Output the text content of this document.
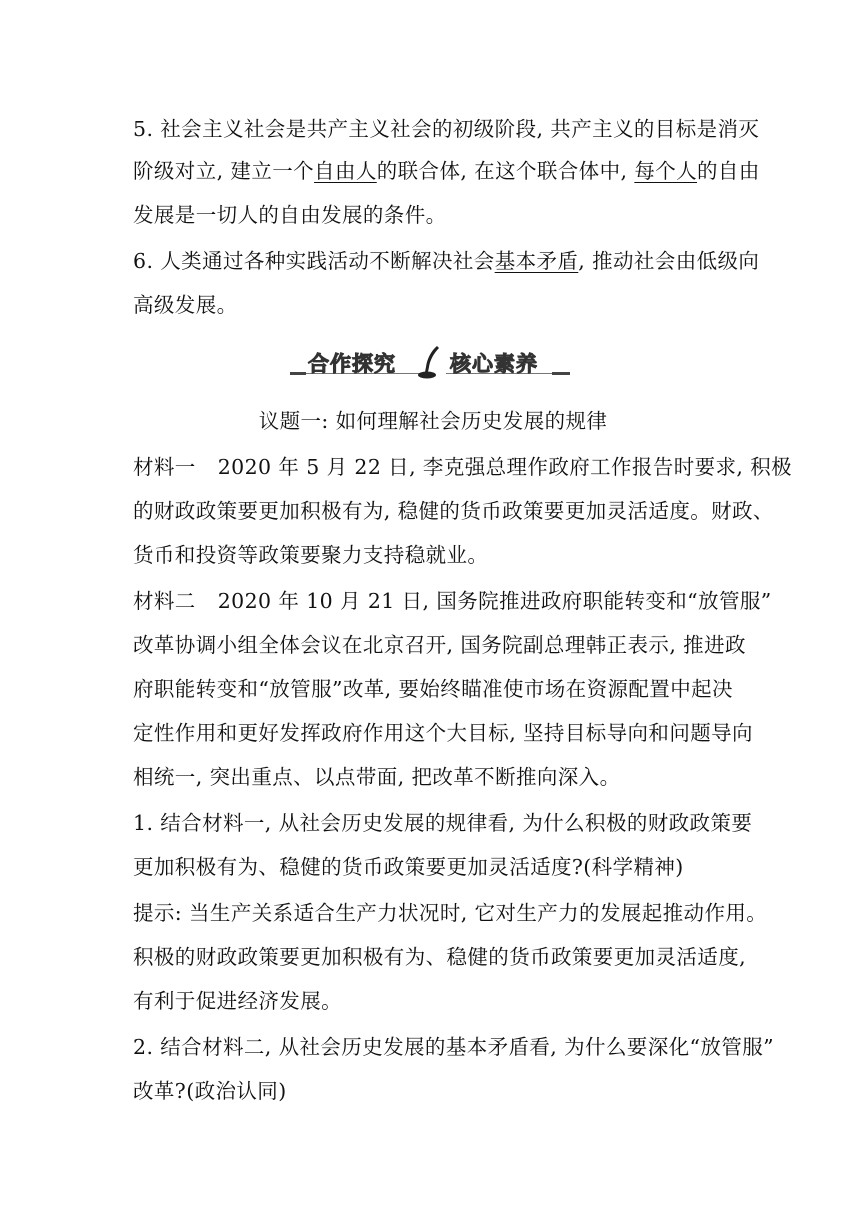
5. 社会主义社会是共产主义社会的初级阶段, 共产主义的目标是消灭
阶级对立, 建立一个自由人的联合体, 在这个联合体中, 每个人的自由
发展是一切人的自由发展的条件。
6. 人类通过各种实践活动不断解决社会基本矛盾, 推动社会由低级向
高级发展。
合作探究	核心素养
议题一: 如何理解社会历史发展的规律
材料一 2020 年 5 月 22 日, 李克强总理作政府工作报告时要求, 积极
的财政政策要更加积极有为, 稳健的货币政策要更加灵活适度。财政、
货币和投资等政策要聚力支持稳就业。
材料二 2020 年 10 月 21 日, 国务院推进政府职能转变和“放管服”
改革协调小组全体会议在北京召开, 国务院副总理韩正表示, 推进政
府职能转变和“放管服”改革, 要始终瞄准使市场在资源配置中起决
定性作用和更好发挥政府作用这个大目标, 坚持目标导向和问题导向
相统一, 突出重点、以点带面, 把改革不断推向深入。
1. 结合材料一, 从社会历史发展的规律看, 为什么积极的财政政策要
更加积极有为、稳健的货币政策要更加灵活适度?(科学精神)
提示: 当生产关系适合生产力状况时, 它对生产力的发展起推动作用。
积极的财政政策要更加积极有为、稳健的货币政策要更加灵活适度,
有利于促进经济发展。
2. 结合材料二, 从社会历史发展的基本矛盾看, 为什么要深化“放管服”
改革?(政治认同)
